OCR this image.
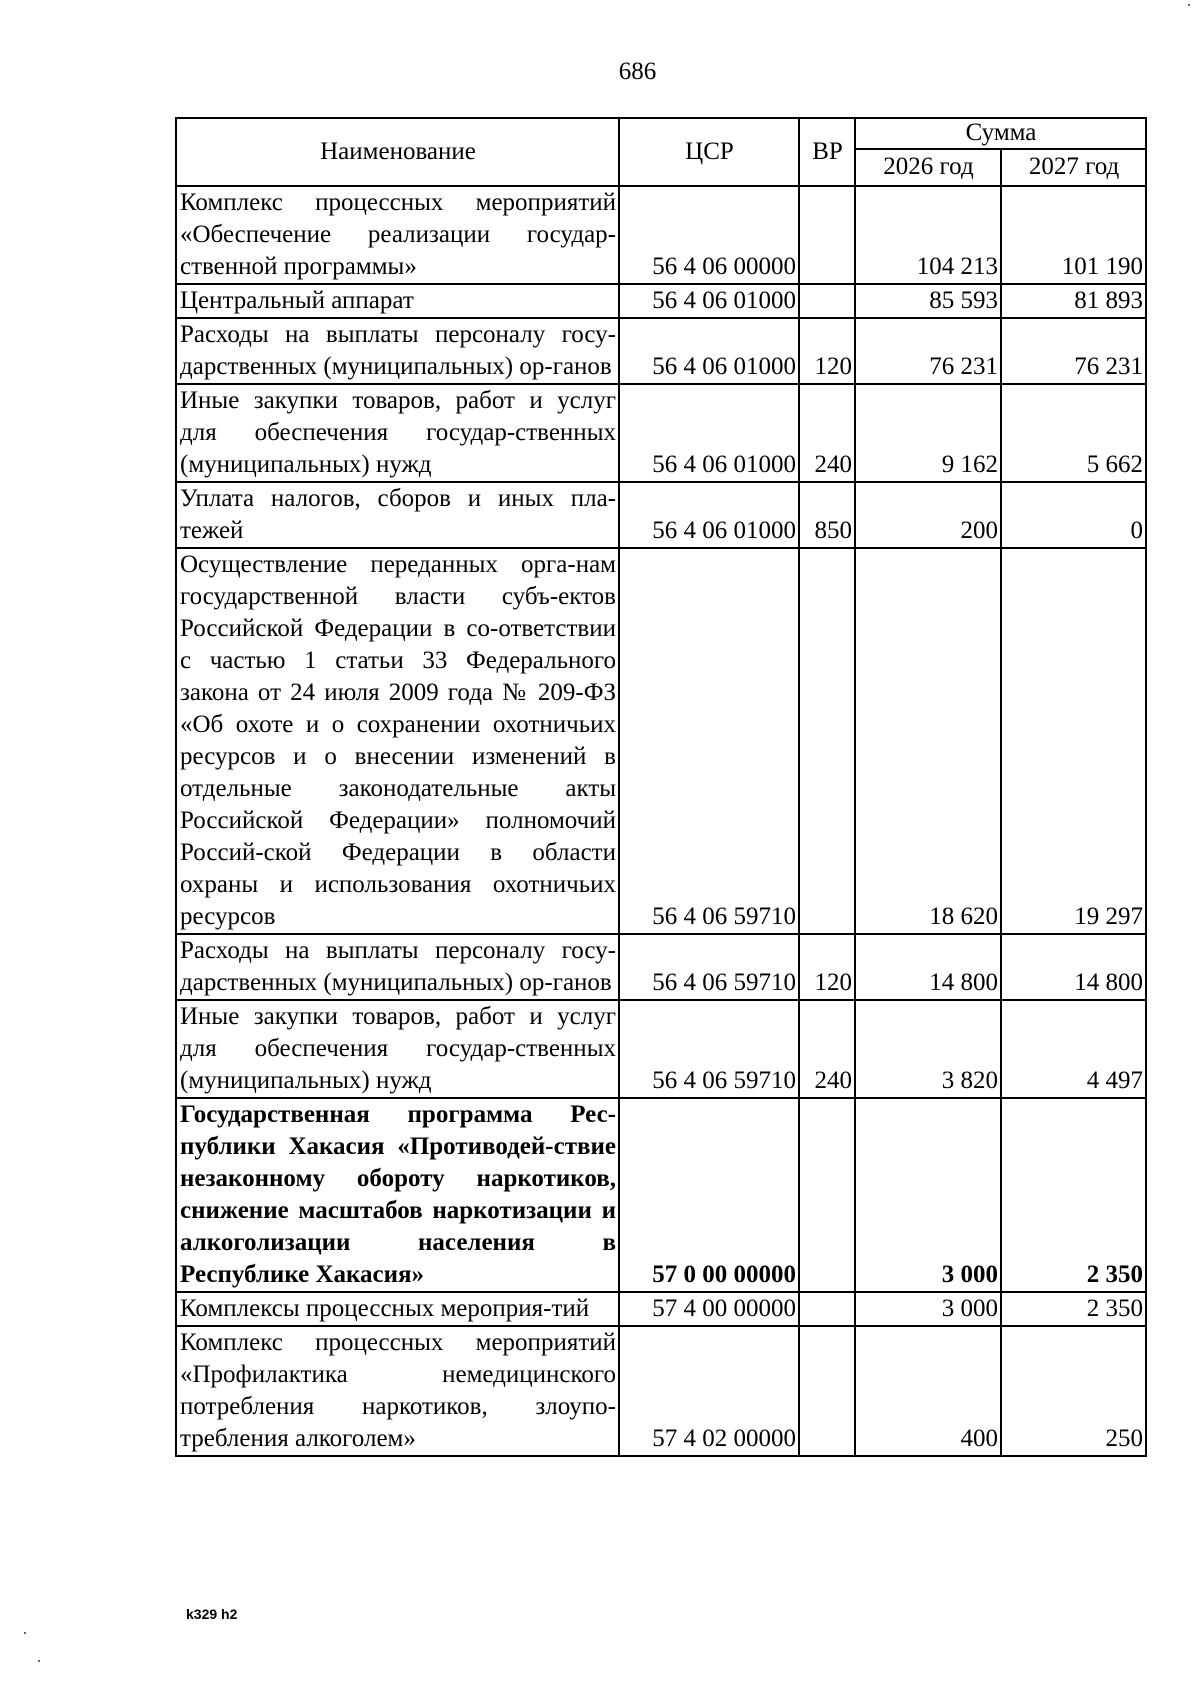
686
Наименование	ЦСР	ВР	Сумма	
			2026 год	2027 год
Комплекс процессных мероприятий «Обеспечение реализации государ-ственной программы»	56 4 06 00000		104 213	101 190
Центральный аппарат	56 4 06 01000		85 593	81 893
Расходы на выплаты персоналу госу-дарственных (муниципальных) ор-ганов	56 4 06 01000	120	76 231	76 231
Иные закупки товаров, работ и услуг для обеспечения государ-ственных (муниципальных) нужд	56 4 06 01000	240	9 162	5 662
Уплата налогов, сборов и иных пла-тежей	56 4 06 01000	850	200	0
Осуществление переданных орга-нам государственной власти субъ-ектов Российской Федерации в со-ответствии с частью 1 статьи 33 Федерального закона от 24 июля 2009 года № 209-ФЗ «Об охоте и о сохранении охотничьих ресурсов и о внесении изменений в отдельные законодательные акты Российской Федерации» полномочий Россий-ской Федерации в области охраны и использования охотничьих ресурсов	56 4 06 59710		18 620	19 297
Расходы на выплаты персоналу госу-дарственных (муниципальных) ор-ганов	56 4 06 59710	120	14 800	14 800
Иные закупки товаров, работ и услуг для обеспечения государ-ственных (муниципальных) нужд	56 4 06 59710	240	3 820	4 497
Государственная программа Рес-публики Хакасия «Противодей-ствие незаконному обороту наркотиков, снижение масштабов наркотизации и алкоголизации населения в Республике Хакасия»	57 0 00 00000		3 000	2 350
Комплексы процессных мероприя-тий	57 4 00 00000		3 000	2 350
Комплекс процессных мероприятий «Профилактика немедицинского потребления наркотиков, злоупо-требления алкоголем»	57 4 02 00000		400	250
k329 h2
